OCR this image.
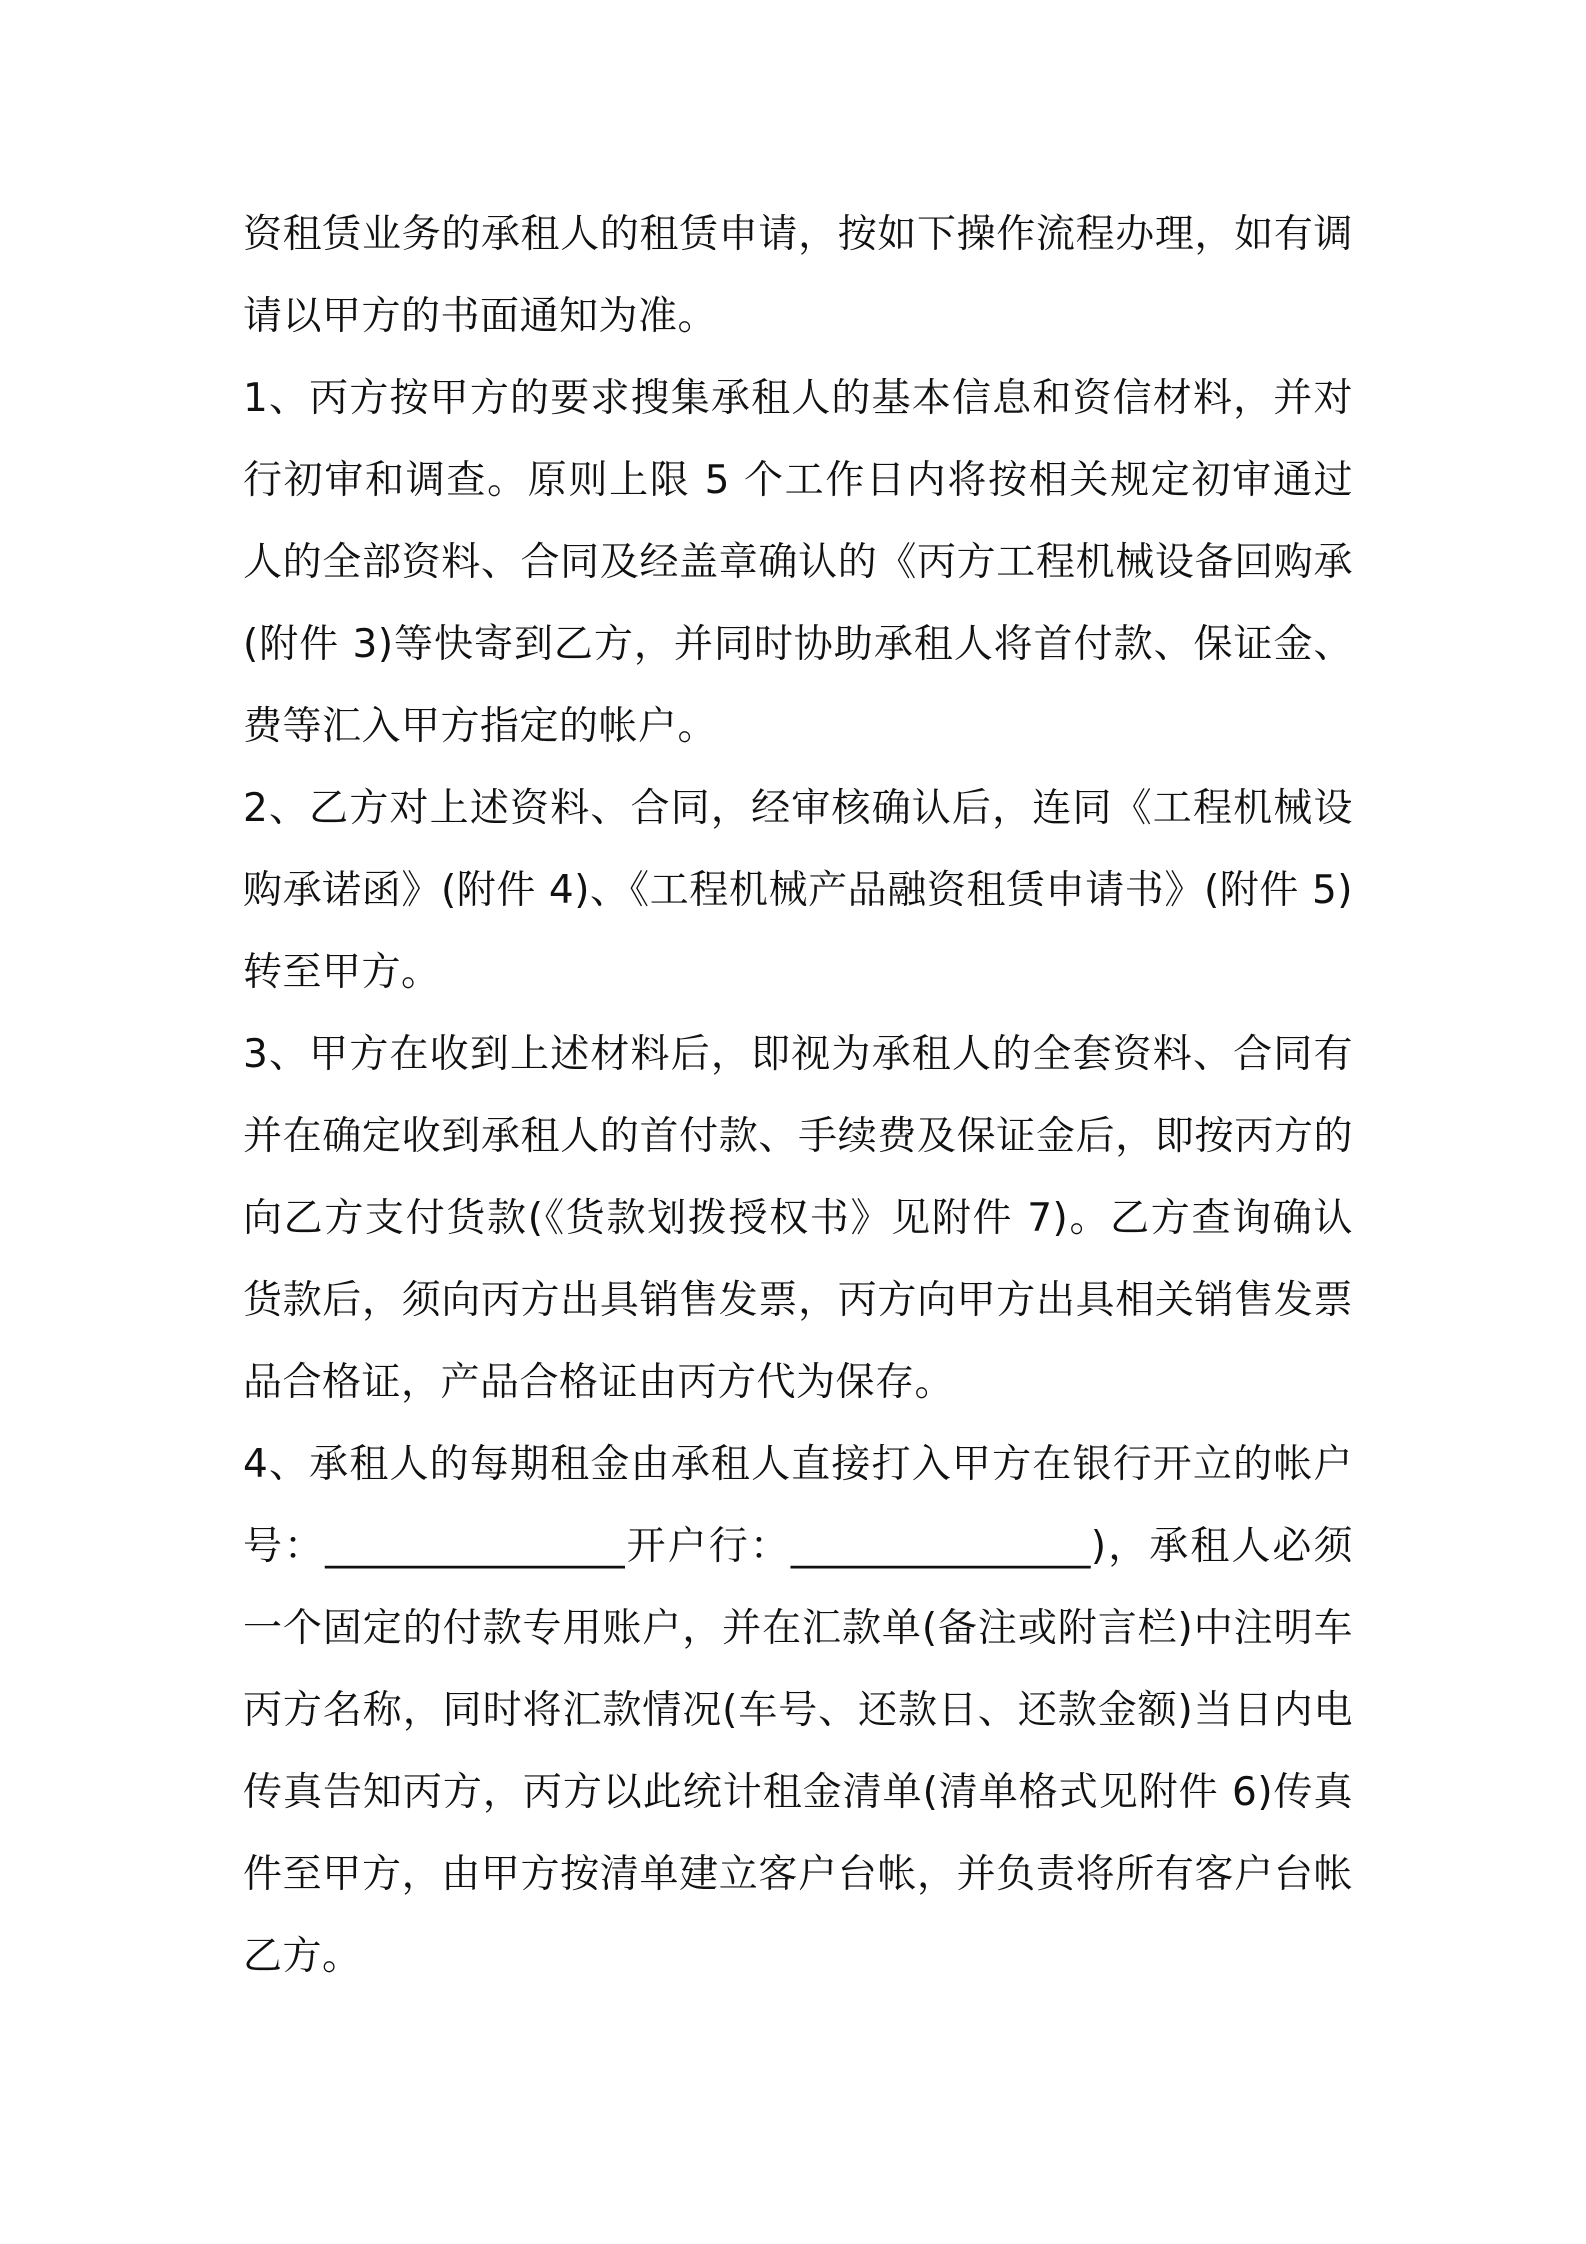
资租赁业务的承租人的租赁申请，按如下操作流程办理，如有调
请以甲方的书面通知为准。
1、丙方按甲方的要求搜集承租人的基本信息和资信材料，并对
行初审和调查。原则上限 5 个工作日内将按相关规定初审通过
人的全部资料、合同及经盖章确认的《丙方工程机械设备回购承
(附件 3)等快寄到乙方，并同时协助承租人将首付款、保证金、
费等汇入甲方指定的帐户。
2、乙方对上述资料、合同，经审核确认后，连同《工程机械设
购承诺函》(附件 4)、《工程机械产品融资租赁申请书》(附件 5)
转至甲方。
3、甲方在收到上述材料后，即视为承租人的全套资料、合同有
并在确定收到承租人的首付款、手续费及保证金后，即按丙方的
向乙方支付货款(《货款划拨授权书》见附件 7)。乙方查询确认
货款后，须向丙方出具销售发票，丙方向甲方出具相关销售发票
品合格证，产品合格证由丙方代为保存。
4、承租人的每期租金由承租人直接打入甲方在银行开立的帐户
号：_______________开户行：_______________)，承租人必须
一个固定的付款专用账户，并在汇款单(备注或附言栏)中注明车
丙方名称，同时将汇款情况(车号、还款日、还款金额)当日内电
传真告知丙方，丙方以此统计租金清单(清单格式见附件 6)传真
件至甲方，由甲方按清单建立客户台帐，并负责将所有客户台帐
乙方。
